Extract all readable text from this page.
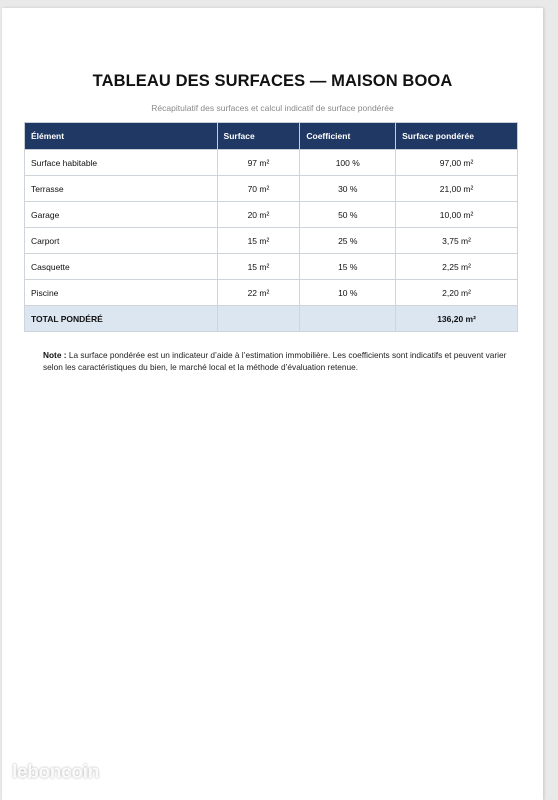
TABLEAU DES SURFACES — MAISON BOOA
Récapitulatif des surfaces et calcul indicatif de surface pondérée
Élément	Surface	Coefficient	Surface pondérée
Surface habitable	97 m²	100 %	97,00 m²
Terrasse	70 m²	30 %	21,00 m²
Garage	20 m²	50 %	10,00 m²
Carport	15 m²	25 %	3,75 m²
Casquette	15 m²	15 %	2,25 m²
Piscine	22 m²	10 %	2,20 m²
TOTAL PONDÉRÉ			136,20 m²
Note : La surface pondérée est un indicateur d’aide à l’estimation immobilière. Les coefficients sont indicatifs et peuvent varier selon les caractéristiques du bien, le marché local et la méthode d’évaluation retenue.
leboncoin
